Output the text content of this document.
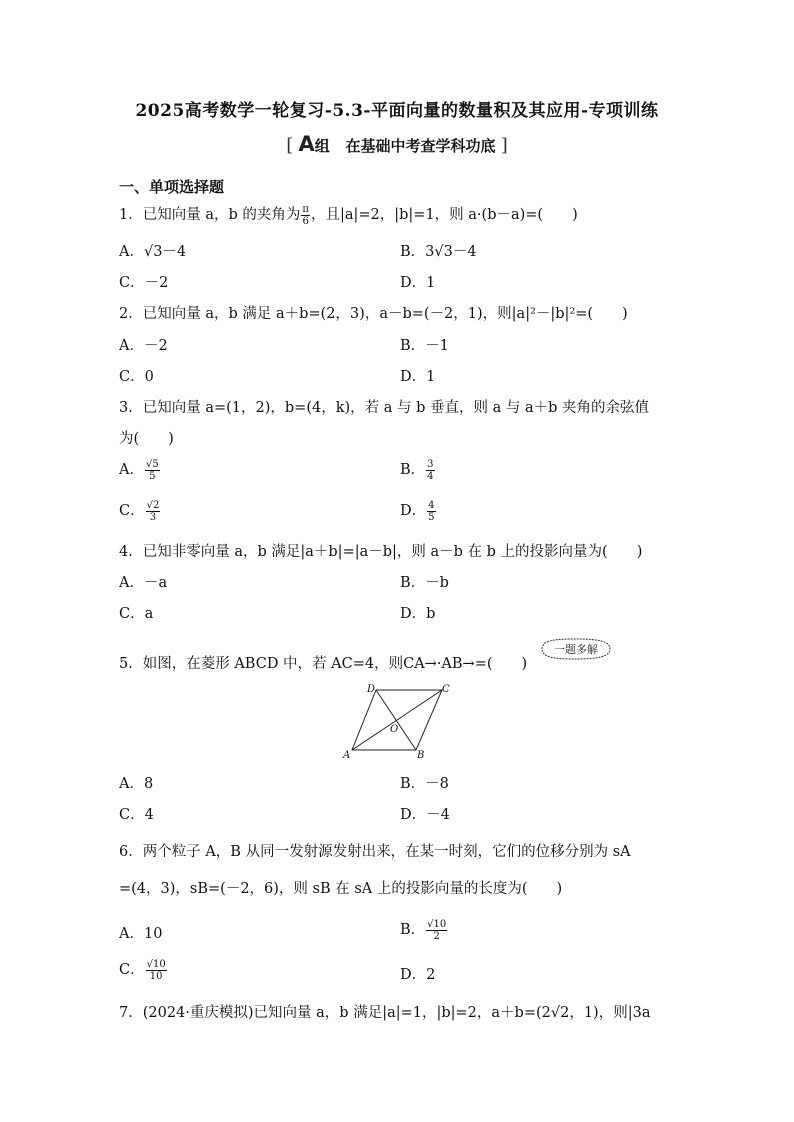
2025高考数学一轮复习-5.3-平面向量的数量积及其应用-专项训练
[ A组 在基础中考查学科功底 ]
一、单项选择题
1．已知向量 a，b 的夹角为 $\frac{\pi}{6}$ ，且|a|=2，|b|=1，则 a·(b－a)=(　　)
A．√3－4	B．3√3－4
C．－2	D．1
2．已知向量 a，b 满足 a＋b=(2，3)，a－b=(－2，1)，则|a|²－|b|²=(　　)
A．－2	B．－1
C．0	D．1
3．已知向量 a=(1，2)，b=(4，k)，若 a 与 b 垂直，则 a 与 a＋b 夹角的余弦值
为(　　)
A． $\frac{√5}{5}$	B． $\frac{3}{4}$
C． $\frac{√2}{3}$	D． $\frac{4}{5}$
4．已知非零向量 a，b 满足|a＋b|=|a－b|，则 a－b 在 b 上的投影向量为(　　)
A．－a	B．－b
C．a	D．b
5．如图，在菱形 ABCD 中，若 AC=4，则CA→·AB→=(　　)
一题多解
A	B
C
D
O
A．8	B．－8
C．4	D．－4
6．两个粒子 A，B 从同一发射源发射出来，在某一时刻，它们的位移分别为 sA
=(4，3)，sB=(－2，6)，则 sB 在 sA 上的投影向量的长度为(　　)
A．10	B． $\frac{√10}{2}$
C． $\frac{√10}{10}$	D．2
7．(2024·重庆模拟)已知向量 a，b 满足|a|=1，|b|=2，a＋b=(2√2，1)，则|3a
